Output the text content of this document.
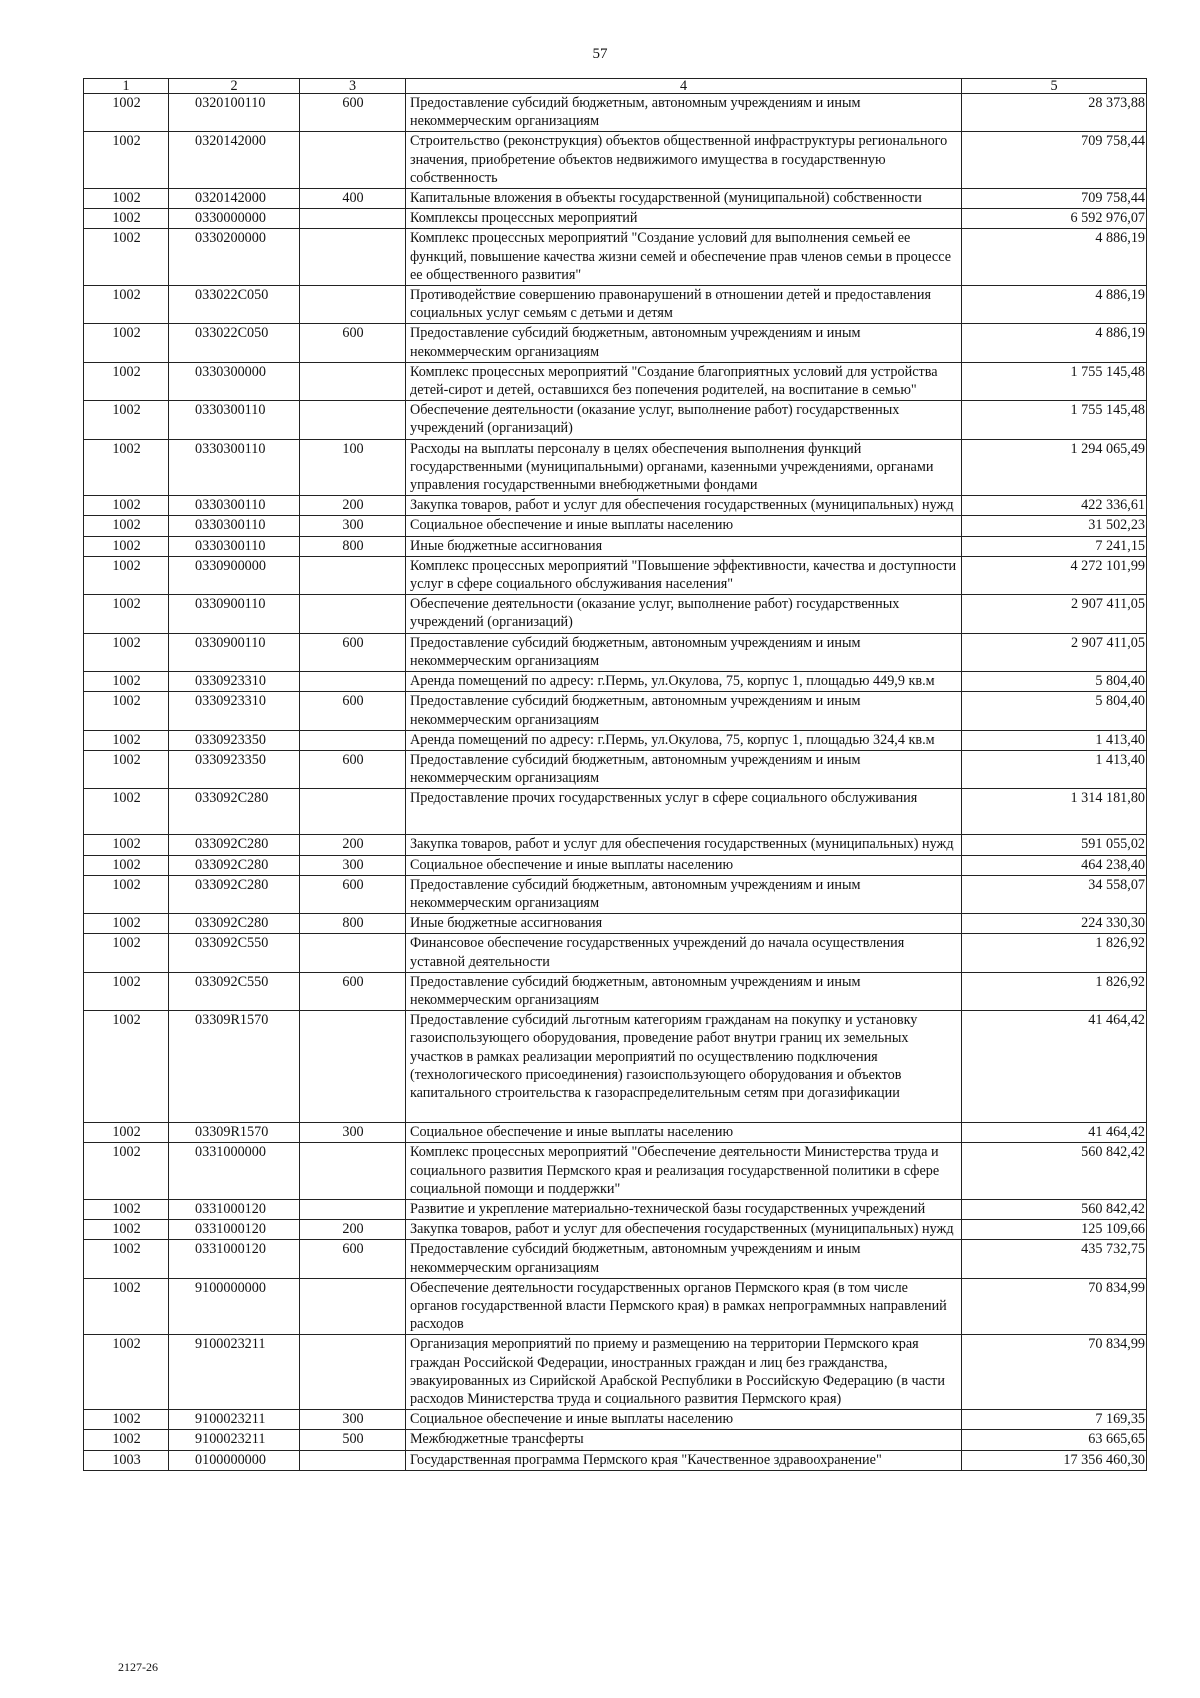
57
1	2	3	4	5
1002	0320100110	600	Предоставление субсидий бюджетным, автономным учреждениям и иным некоммерческим организациям	28 373,88
1002	0320142000		Строительство (реконструкция) объектов общественной инфраструктуры регионального значения, приобретение объектов недвижимого имущества в государственную собственность	709 758,44
1002	0320142000	400	Капитальные вложения в объекты государственной (муниципальной) собственности	709 758,44
1002	0330000000		Комплексы процессных мероприятий	6 592 976,07
1002	0330200000		Комплекс процессных мероприятий "Создание условий для выполнения семьей ее функций, повышение качества жизни семей и обеспечение прав членов семьи в процессе ее общественного развития"	4 886,19
1002	033022С050		Противодействие совершению правонарушений в отношении детей и предоставления социальных услуг семьям с детьми и детям	4 886,19
1002	033022С050	600	Предоставление субсидий бюджетным, автономным учреждениям и иным некоммерческим организациям	4 886,19
1002	0330300000		Комплекс процессных мероприятий "Создание благоприятных условий для устройства детей-сирот и детей, оставшихся без попечения родителей, на воспитание в семью"	1 755 145,48
1002	0330300110		Обеспечение деятельности (оказание услуг, выполнение работ) государственных учреждений (организаций)	1 755 145,48
1002	0330300110	100	Расходы на выплаты персоналу в целях обеспечения выполнения функций государственными (муниципальными) органами, казенными учреждениями, органами управления государственными внебюджетными фондами	1 294 065,49
1002	0330300110	200	Закупка товаров, работ и услуг для обеспечения государственных (муниципальных) нужд	422 336,61
1002	0330300110	300	Социальное обеспечение и иные выплаты населению	31 502,23
1002	0330300110	800	Иные бюджетные ассигнования	7 241,15
1002	0330900000		Комплекс процессных мероприятий "Повышение эффективности, качества и доступности услуг в сфере социального обслуживания населения"	4 272 101,99
1002	0330900110		Обеспечение деятельности (оказание услуг, выполнение работ) государственных учреждений (организаций)	2 907 411,05
1002	0330900110	600	Предоставление субсидий бюджетным, автономным учреждениям и иным некоммерческим организациям	2 907 411,05
1002	0330923310		Аренда помещений по адресу: г.Пермь, ул.Окулова, 75, корпус 1, площадью 449,9 кв.м	5 804,40
1002	0330923310	600	Предоставление субсидий бюджетным, автономным учреждениям и иным некоммерческим организациям	5 804,40
1002	0330923350		Аренда помещений по адресу: г.Пермь, ул.Окулова, 75, корпус 1, площадью 324,4 кв.м	1 413,40
1002	0330923350	600	Предоставление субсидий бюджетным, автономным учреждениям и иным некоммерческим организациям	1 413,40
1002	033092С280		Предоставление прочих государственных услуг в сфере социального обслуживания	1 314 181,80
1002	033092С280	200	Закупка товаров, работ и услуг для обеспечения государственных (муниципальных) нужд	591 055,02
1002	033092С280	300	Социальное обеспечение и иные выплаты населению	464 238,40
1002	033092С280	600	Предоставление субсидий бюджетным, автономным учреждениям и иным некоммерческим организациям	34 558,07
1002	033092С280	800	Иные бюджетные ассигнования	224 330,30
1002	033092С550		Финансовое обеспечение государственных учреждений до начала осуществления уставной деятельности	1 826,92
1002	033092С550	600	Предоставление субсидий бюджетным, автономным учреждениям и иным некоммерческим организациям	1 826,92
1002	03309R1570		Предоставление субсидий льготным категориям гражданам на покупку и установку газоиспользующего оборудования, проведение работ внутри границ их земельных участков в рамках реализации мероприятий по осуществлению подключения (технологического присоединения) газоиспользующего оборудования и объектов капитального строительства к газораспределительным сетям при догазификации	41 464,42
1002	03309R1570	300	Социальное обеспечение и иные выплаты населению	41 464,42
1002	0331000000		Комплекс процессных мероприятий "Обеспечение деятельности Министерства труда и социального развития Пермского края и реализация государственной политики в сфере социальной помощи и поддержки"	560 842,42
1002	0331000120		Развитие и укрепление материально-технической базы государственных учреждений	560 842,42
1002	0331000120	200	Закупка товаров, работ и услуг для обеспечения государственных (муниципальных) нужд	125 109,66
1002	0331000120	600	Предоставление субсидий бюджетным, автономным учреждениям и иным некоммерческим организациям	435 732,75
1002	9100000000		Обеспечение деятельности государственных органов Пермского края (в том числе органов государственной власти Пермского края) в рамках непрограммных направлений расходов	70 834,99
1002	9100023211		Организация мероприятий по приему и размещению на территории Пермского края граждан Российской Федерации, иностранных граждан и лиц без гражданства, эвакуированных из Сирийской Арабской Республики в Российскую Федерацию (в части расходов Министерства труда и социального развития Пермского края)	70 834,99
1002	9100023211	300	Социальное обеспечение и иные выплаты населению	7 169,35
1002	9100023211	500	Межбюджетные трансферты	63 665,65
1003	0100000000		Государственная программа Пермского края "Качественное здравоохранение"	17 356 460,30
2127-26
